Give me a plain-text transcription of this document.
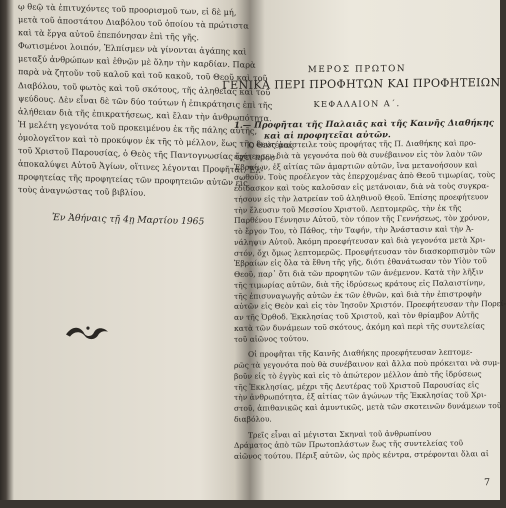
ῳ θεῷ τὰ ἐπιτυχόντες τοῦ προορισμοῦ των, εἰ δὲ μή,
μετὰ τοῦ ἀποστάτου Διαβόλου τοῦ ὁποίου τὰ πρώτιστα
καὶ τὰ ἔργα αὐτοῦ ἐπεπόνησαν ἐπὶ τῆς γῆς.
Φωτισμένοι λοιπόν, Ἐλπίσμεν νὰ γίνονται ἀγάπης καὶ
μεταξύ ἀνθρώπων καὶ ἐθνῶν μὲ ὅλην τὴν καρδίαν. Παρὰ
παρὰ νὰ ζητοῦν τοῦ καλοῦ καὶ τοῦ κακοῦ, τοῦ Θεοῦ καὶ τοῦ
Διαβόλου, τοῦ φωτὸς καὶ τοῦ σκότους, τῆς ἀληθείας καὶ τοῦ
ψεύδους. Δὲν εἶναι δὲ τῶν δύο τούτων ἡ ἐπικράτησις ἐπὶ τῆς
ἀλήθειαν διὰ τῆς ἐπικρατήσεως, καὶ ἔλαν τὴν ἀνθρωπότητα.
Ἡ μελέτη γεγονότα τοῦ προκειμένου ἐκ τῆς πάλης αὐτῆς,
ὁμολογεῖτον καὶ τὸ προκύψον ἐκ τῆς τὸ μέλλον, ἕως τῆς δευτέρας
τοῦ Χριστοῦ Παρουσίας, ὁ Θεὸς τῆς Παντογνωσίας ἔχει προσ-
ἀποκαλύψει Αὐτοῦ Ἁγίων, οἵτινες λέγονται Προφῆται. Ἐλ-
προφητείας τῆς προφητείας τῶν προφητειῶν αὐτῶν εἰς
τοὺς ἀναγνώστας τοῦ βιβλίου.
Ἐν Ἀθήναις τῇ 4ῃ Μαρτίου 1965
ΜΕΡΟΣ ΠΡΩΤΟΝ
ΓΕΝΙΚΑ ΠΕΡΙ ΠΡΟΦΗΤΩΝ ΚΑΙ ΠΡΟΦΗΤΕΙΩΝ
ΚΕΦΑΛΑΙΟΝ Α΄.
1.— Προφῆται τῆς Παλαιᾶς καὶ τῆς Καινῆς Διαθήκης
καὶ αἱ προφητεῖαι αὐτῶν.
Ὁ Θεὸς ἀπέστειλε τοὺς προφήτας τῆς Π. Διαθήκης καὶ προ-
εφήτευσεν διὰ τὰ γεγονότα ποὺ θὰ συνέβαινον εἰς τὸν λαὸν τῶν
Ἑβραίων, ἐξ αἰτίας τῶν ἁμαρτιῶν αὐτῶν, ἵνα μετανοήσουν καὶ
σωθοῦν. Τοὺς προέλεγον τὰς ἐπερχομένας ἀπὸ Θεοῦ τιμωρίας, τοὺς
ἐδίδασκον καὶ τοὺς καλοῦσαν εἰς μετάνοιαν, διὰ νὰ τοὺς συγκρα-
τήσουν εἰς τὴν λατρείαν τοῦ ἀληθινοῦ Θεοῦ. Ἐπίσης προεφήτευον
τὴν ἔλευσιν τοῦ Μεσσίου Χριστοῦ. Λεπτομερῶς, τὴν ἐκ τῆς
Παρθένου Γέννησιν Αὐτοῦ, τὸν τόπον τῆς Γεννήσεως, τὸν χρόνον,
τὸ ἔργον Του, τὸ Πάθος, τὴν Ταφήν, τὴν Ἀνάστασιν καὶ τὴν Ἀ-
νάληψιν Αὐτοῦ. Ἀκόμη προεφήτευσαν καὶ διὰ γεγονότα μετὰ Χρι-
στόν, ὄχι ὅμως λεπτομερῶς. Προεφήτευσαν τὸν διασκορπισμὸν τῶν
Ἑβραίων εἰς ὅλα τὰ ἔθνη τῆς γῆς, διότι ἐθανάτωσαν τὸν Υἱὸν τοῦ
Θεοῦ, παρ᾽ ὅτι διὰ τῶν προφητῶν τῶν ἀνέμενον. Κατὰ τὴν λῆξιν
τῆς τιμωρίας αὐτῶν, διὰ τῆς ἱδρύσεως κράτους εἰς Παλαιστίνην,
τῆς ἐπισυναγωγῆς αὐτῶν ἐκ τῶν ἐθνῶν, καὶ διὰ τὴν ἐπιστροφὴν
αὐτῶν εἰς Θεὸν καὶ εἰς τὸν Ἰησοῦν Χριστόν. Προεφήτευσαν τὴν Πορεί-
αν τῆς Ὀρθοδ. Ἐκκλησίας τοῦ Χριστοῦ, καὶ τὸν θρίαμβον Αὐτῆς
κατὰ τῶν δυνάμεων τοῦ σκότους, ἀκόμη καὶ περὶ τῆς συντελείας
τοῦ αἰῶνος τούτου.
Οἱ προφῆται τῆς Καινῆς Διαθήκης προεφήτευσαν λεπτομε-
ρῶς τὰ γεγονότα ποὺ θὰ συνέβαινον καὶ ἄλλα ποὺ πρόκειται νὰ συμ-
βοῦν εἰς τὸ ἐγγὺς καὶ εἰς τὸ ἀπώτερον μέλλον ἀπὸ τῆς ἱδρύσεως
τῆς Ἐκκλησίας, μέχρι τῆς Δευτέρας τοῦ Χριστοῦ Παρουσίας εἰς
τὴν ἀνθρωπότητα, ἐξ αἰτίας τῶν ἀγώνων τῆς Ἐκκλησίας τοῦ Χρι-
στοῦ, ἀπιθανικῶς καὶ ἀμυντικῶς, μετὰ τῶν σκοτεινῶν δυνάμεων τοῦ
διαβόλου.
Τρεῖς εἶναι αἱ μέγισται Σκηναὶ τοῦ ἀνθρωπίνου
Δράματος ἀπὸ τῶν Πρωτοπλάστων ἕως τῆς συντελείας τοῦ
αἰῶνος τούτου. Πέριξ αὐτῶν, ὡς πρὸς κέντρα, στρέφονται ὅλαι αἱ
7
